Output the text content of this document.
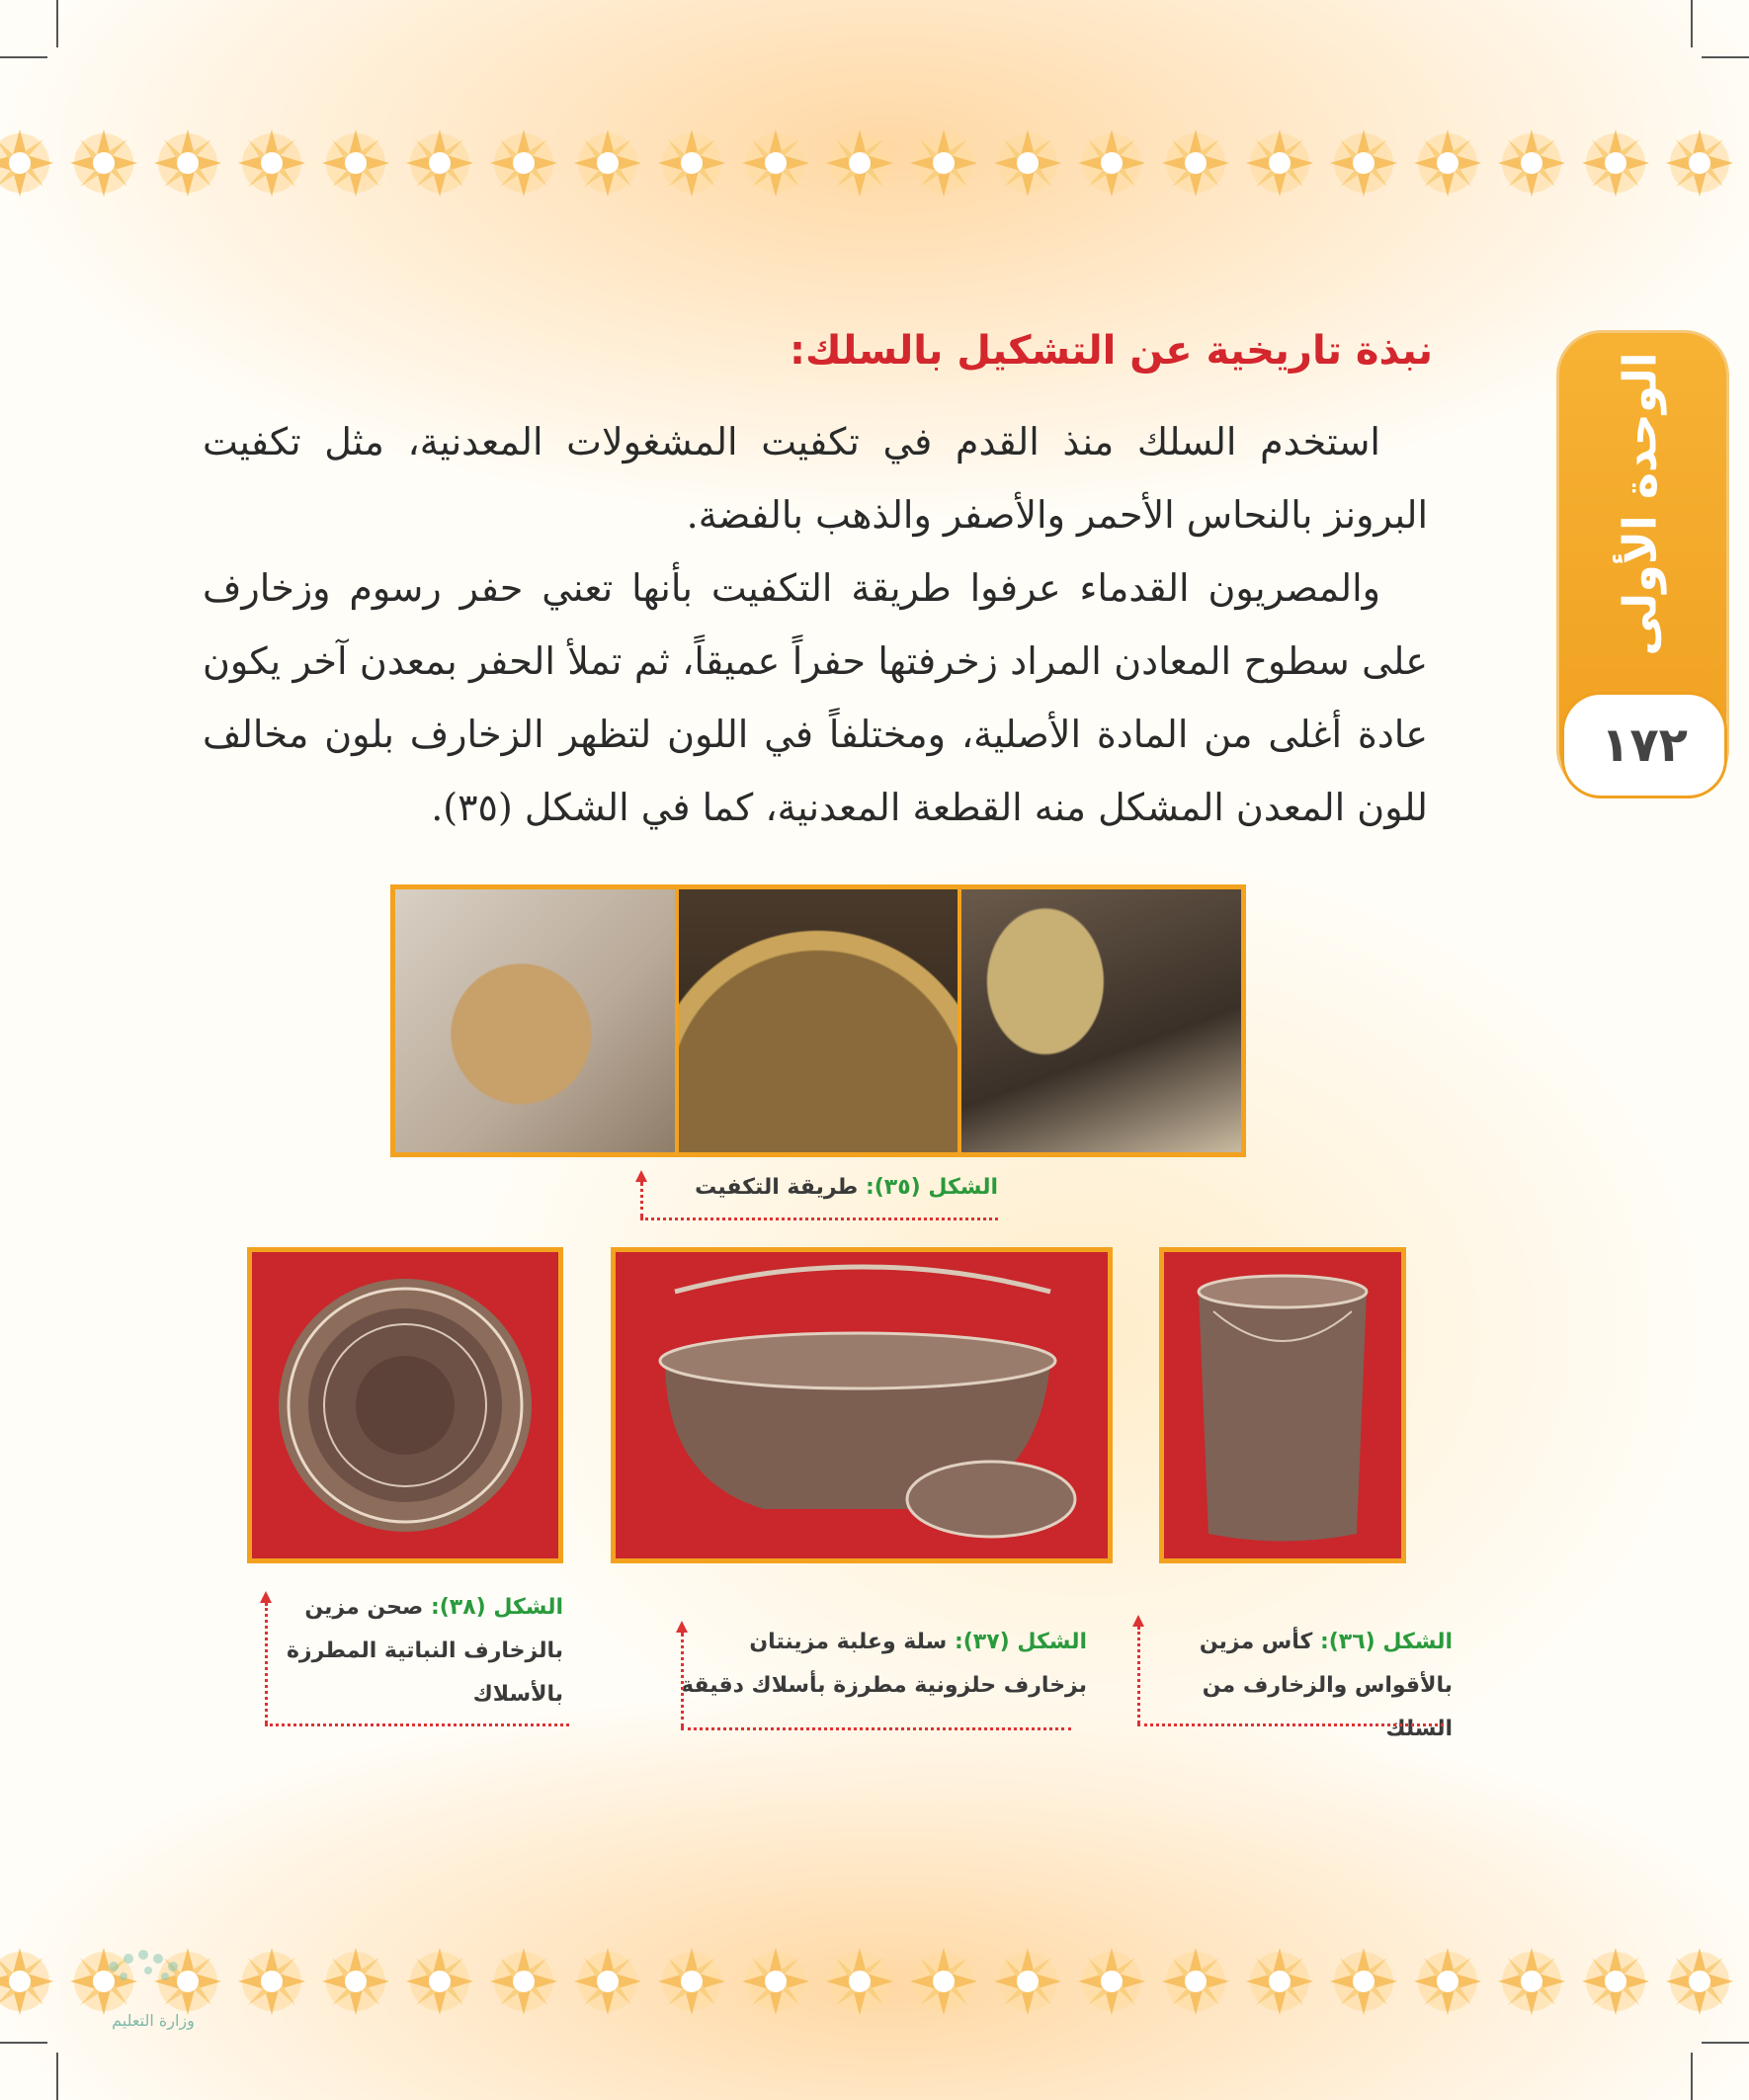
الوحدة الأولى
١٧٢
نبذة تاريخية عن التشكيل بالسلك:

استخدم السلك منذ القدم في تكفيت المشغولات المعدنية، مثل تكفيت البرونز بالنحاس الأحمر والأصفر والذهب بالفضة.

والمصريون القدماء عرفوا طريقة التكفيت بأنها تعني حفر رسوم وزخارف على سطوح المعادن المراد زخرفتها حفراً عميقاً، ثم تملأ الحفر بمعدن آخر يكون عادة أغلى من المادة الأصلية، ومختلفاً في اللون لتظهر الزخارف بلون مخالف للون المعدن المشكل منه القطعة المعدنية، كما في الشكل (٣٥).

الشكل (٣٥): طريقة التكفيت
الشكل (٣٨): صحن مزين
بالزخارف النباتية المطرزة
بالأسلاك
الشكل (٣٧): سلة وعلبة مزينتان
بزخارف حلزونية مطرزة بأسلاك دقيقة
الشكل (٣٦): كأس مزين
بالأقواس والزخارف من السلك
وزارة التعليم
